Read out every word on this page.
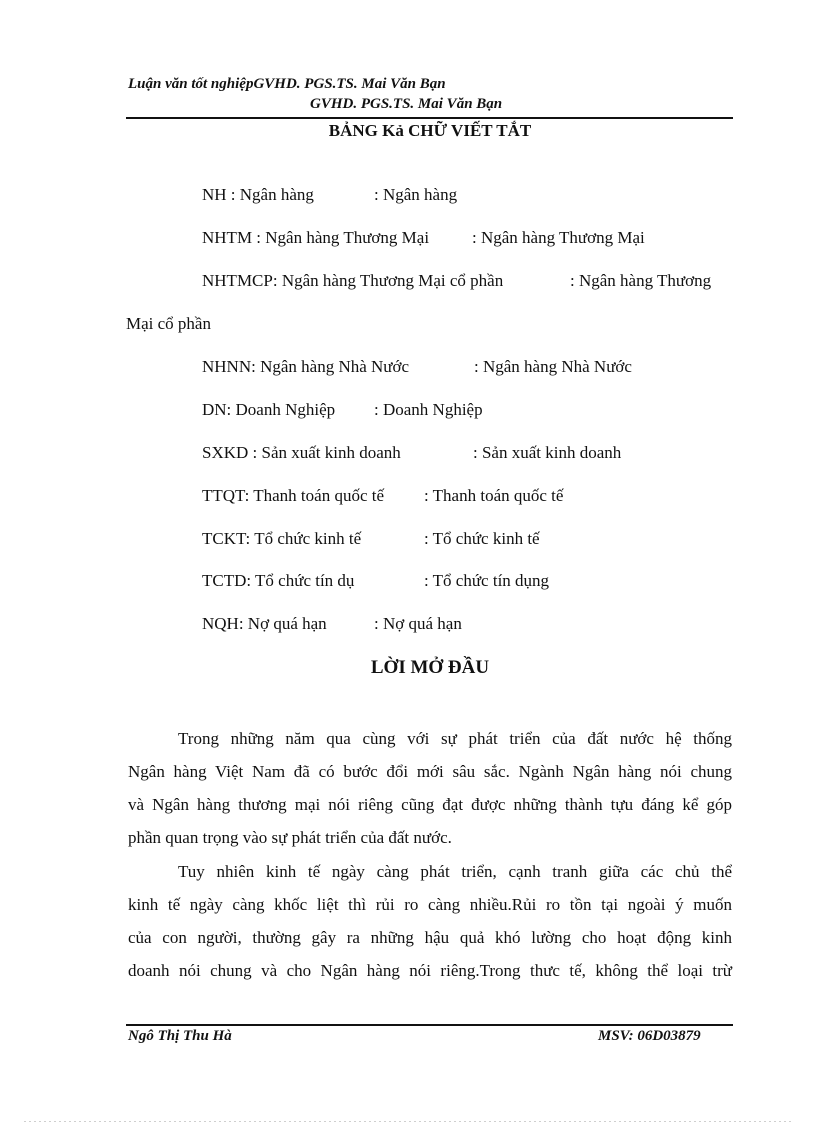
Luận văn tốt nghiệpGVHD. PGS.TS. Mai Văn Bạn
GVHD. PGS.TS. Mai Văn Bạn
BẢNG Kả CHỮ VIẾT TẮT
NH : Ngân hàng	: Ngân hàng
NHTM : Ngân hàng Thương Mại	: Ngân hàng Thương Mại
NHTMCP: Ngân hàng Thương Mại cổ phần	: Ngân hàng Thương
Mại cổ phần
NHNN: Ngân hàng Nhà Nước	: Ngân hàng Nhà Nước
DN: Doanh Nghiệp : Doanh Nghiệp
SXKD : Sản xuất kinh doanh	: Sản xuất kinh doanh
TTQT: Thanh toán quốc tế : Thanh toán quốc tế
TCKT: Tổ chức kinh tế	: Tổ chức kinh tế
TCTD: Tổ chức tín dụ	: Tổ chức tín dụng
NQH: Nợ quá hạn	: Nợ quá hạn
LỜI MỞ ĐẦU
Trong những năm qua cùng với sự phát triển của đất nước hệ thống
Ngân hàng Việt Nam đã có bước đổi mới sâu sắc. Ngành Ngân hàng nói chung
và Ngân hàng thương mại nói riêng cũng đạt được những thành tựu đáng kể góp
phần quan trọng vào sự phát triển của đất nước.
Tuy nhiên kinh tế ngày càng phát triển, cạnh tranh giữa các chủ thể
kinh tế ngày càng khốc liệt thì rủi ro càng nhiều.Rủi ro tồn tại ngoài ý muốn
của con người, thường gây ra những hậu quả khó lường cho hoạt động kinh
doanh nói chung và cho Ngân hàng nói riêng.Trong thưc tế, không thể loại trừ
Ngô Thị Thu Hà	MSV: 06D03879
